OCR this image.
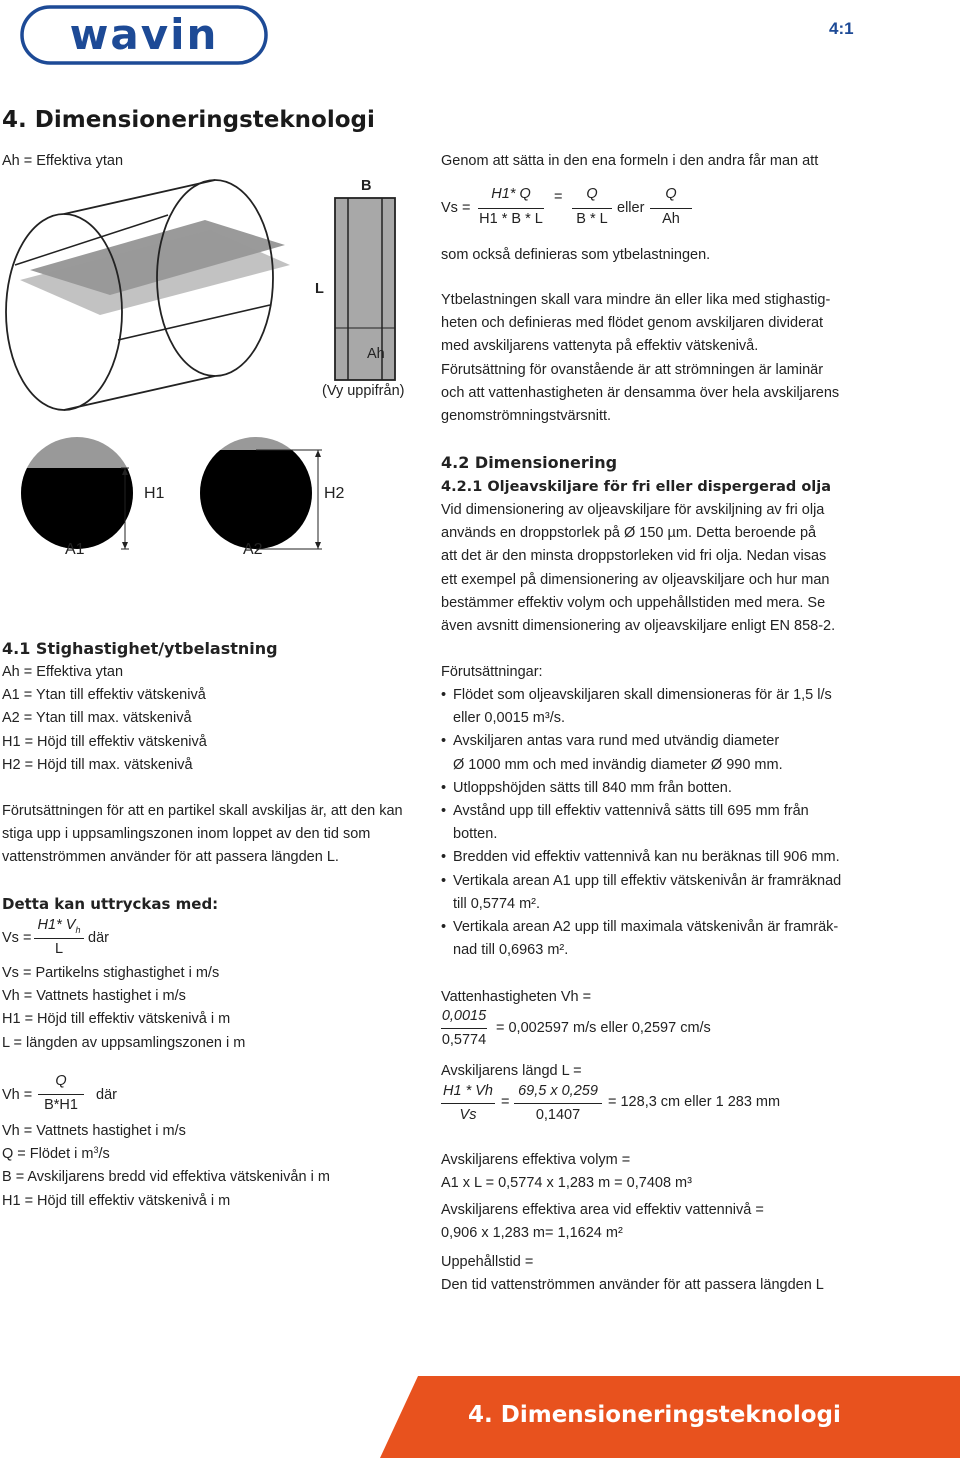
wavin	4:1
4. Dimensioneringsteknologi
Ah = Effektiva ytan
B
L
Ah
(Vy uppifrån)
H1	H2
A1	A2
4.1 Stighastighet/ytbelastning
Ah = Effektiva ytan
A1 = Ytan till effektiv vätskenivå
A2 = Ytan till max. vätskenivå
H1 = Höjd till effektiv vätskenivå
H2 = Höjd till max. vätskenivå
Förutsättningen för att en partikel skall avskiljas är, att den kan
stiga upp i uppsamlingszonen inom loppet av den tid som
vattenströmmen använder för att passera längden L.
Detta kan uttryckas med:
Vs =
H1* $V_h$
L
där
Vs = Partikelns stighastighet i m/s
Vh = Vattnets hastighet i m/s
H1 = Höjd till effektiv vätskenivå i m
L = längden av uppsamlingszonen i m
Vh =
Q
B*H1
där
Vh = Vattnets hastighet i m/s
Q = Flödet i $m^3/s$
B = Avskiljarens bredd vid effektiva vätskenivån i m
H1 = Höjd till effektiv vätskenivå i m
Genom att sätta in den ena formeln i den andra får man att
Vs =
H1* Q
H1 * B * L
=	Q
B * L
eller
Q
Ah
som också definieras som ytbelastningen.
Ytbelastningen skall vara mindre än eller lika med stighastig-
heten och definieras med flödet genom avskiljaren dividerat
med avskiljarens vattenyta på effektiv vätskenivå.
Förutsättning för ovanstående är att strömningen är laminär
och att vattenhastigheten är densamma över hela avskiljarens
genomströmningstvärsnitt.
4.2 Dimensionering
4.2.1 Oljeavskiljare för fri eller dispergerad olja
Vid dimensionering av oljeavskiljare för avskiljning av fri olja
används en droppstorlek på Ø 150 µm. Detta beroende på
att det är den minsta droppstorleken vid fri olja. Nedan visas
ett exempel på dimensionering av oljeavskiljare och hur man
bestämmer effektiv volym och uppehållstiden med mera. Se
även avsnitt dimensionering av oljeavskiljare enligt EN 858-2.
Förutsättningar:
• Flödet som oljeavskiljaren skall dimensioneras för är 1,5 l/s
eller 0,0015 m³/s.
• Avskiljaren antas vara rund med utvändig diameter
Ø 1000 mm och med invändig diameter Ø 990 mm.
• Utloppshöjden sätts till 840 mm från botten.
• Avstånd upp till effektiv vattennivå sätts till 695 mm från
botten.
• Bredden vid effektiv vattennivå kan nu beräknas till 906 mm.
• Vertikala arean A1 upp till effektiv vätskenivån är framräknad
till 0,5774 m².
• Vertikala arean A2 upp till maximala vätskenivån är framräk-
nad till 0,6963 m².
Vattenhastigheten Vh =
0,0015
0,5774
= 0,002597 m/s eller 0,2597 cm/s
Avskiljarens längd L =
H1 * Vh
Vs
=
69,5 x 0,259
0,1407
= 128,3 cm eller 1 283 mm
Avskiljarens effektiva volym =
A1 x L = 0,5774 x 1,283 m = 0,7408 m³
Avskiljarens effektiva area vid effektiv vattennivå =
0,906 x 1,283 m= 1,1624 m²
Uppehållstid =
Den tid vattenströmmen använder för att passera längden L
4. Dimensioneringsteknologi
